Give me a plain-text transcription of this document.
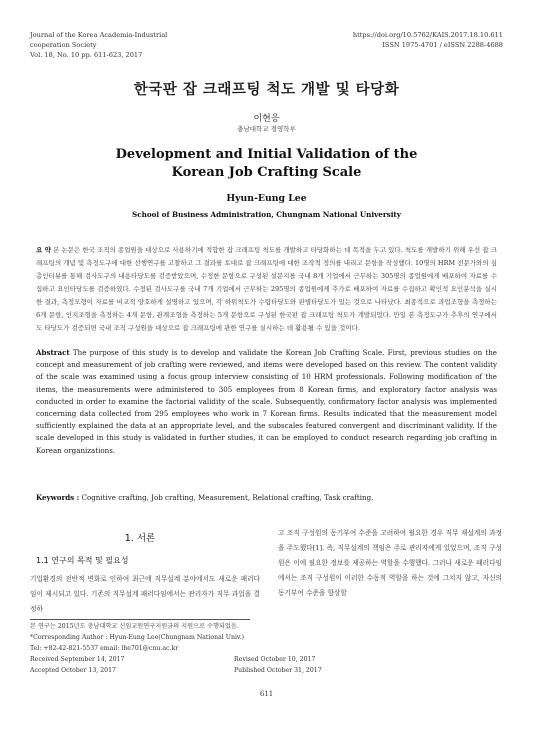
Journal of the Korea Academia-Industrial
cooperation Society
Vol. 18, No. 10 pp. 611-623, 2017
https://doi.org/10.5762/KAIS.2017.18.10.611
ISSN 1975-4701 / eISSN 2288-4688
한국판 잡 크래프팅 척도 개발 및 타당화
이현응
충남대학교 경영학부
Development and Initial Validation of the
Korean Job Crafting Scale
Hyun-Eung Lee
School of Business Administration, Chungnam National University
요 약 본 논문은 한국 조직의 종업원을 대상으로 사용하기에 적합한 잡 크래프팅 척도를 개발하고 타당화하는 데 목적을 두고 있다. 척도를 개발하기 위해 우선 잡 크래프팅의 개념 및 측정도구에 대한 선행연구를 고찰하고 그 결과를 토대로 잡 크래프팅에 대한 조작적 정의를 내리고 문항을 작성했다. 10명의 HRM 전문가와의 심층인터뷰를 통해 검사도구의 내용타당도를 검증받았으며, 수정한 문항으로 구성된 설문지를 국내 8개 기업에서 근무하는 305명의 종업원에게 배포하여 자료를 수집하고 요인타당도를 검증하였다. 수정된 검사도구를 국내 7개 기업에서 근무하는 295명의 종업원에게 추가로 배포하여 자료를 수집하고 확인적 요인분석을 실시한 결과, 측정모형이 자료를 비교적 양호하게 설명하고 있으며, 각 하위척도가 수렴타당도와 판별타당도가 있는 것으로 나타났다. 최종적으로 과업조형을 측정하는 6개 문항, 인지조형을 측정하는 4개 문항, 관계조형을 측정하는 5개 문항으로 구성된 한국판 잡 크래프팅 척도가 개발되었다. 만일 본 측정도구가 추후의 연구에서도 타당도가 검증되면 국내 조직 구성원을 대상으로 잡 크래프팅에 관한 연구를 실시하는 데 활용될 수 있을 것이다.
Abstract The purpose of this study is to develop and validate the Korean Job Crafting Scale. First, previous studies on the concept and measurement of job crafting were reviewed, and items were developed based on this review. The content validity of the scale was examined using a focus group interview consisting of 10 HRM professionals. Following modification of the items, the measurements were administered to 305 employees from 8 Korean firms, and exploratory factor analysis was conducted in order to examine the factorial validity of the scale. Subsequently, confirmatory factor analysis was implemented concerning data collected from 295 employees who work in 7 Korean firms. Results indicated that the measurement model sufficiently explained the data at an appropriate level, and the subscales featured convergent and discriminant validity. If the scale developed in this study is validated in further studies, it can be employed to conduct research regarding job crafting in Korean organizations.
Keywords : Cognitive crafting, Job crafting, Measurement, Relational crafting, Task crafting.
1. 서론
1.1 연구의 목적 및 필요성
기업환경의 전반적 변화로 인하여 최근에 직무설계 분야에서도 새로운 패러다임이 제시되고 있다. 기존의 직무설계 패러다임에서는 관리자가 직무 과업을 결정하
고 조직 구성원의 동기부여 수준을 고려하여 필요한 경우 직무 재설계의 과정을 주도했다[1]. 즉, 직무설계의 책임은 주로 관리자에게 있었으며, 조직 구성원은 이에 필요한 정보를 제공하는 역할을 수행했다. 그러나 새로운 패러다임에서는 조직 구성원이 이러한 수동적 역할을 하는 것에 그치지 않고, 자신의 동기부여 수준을 향상할
본 연구는 2015년도 충남대학교 신임교원연구지원금의 지원으로 수행되었음.
*Corresponding Author : Hyun-Eung Lee(Chungnam National Univ.)
Tel: +82-42-821-5537 email: lhe701@cnu.ac.kr
Received September 14, 2017	Revised October 10, 2017
Accepted October 13, 2017	Published October 31, 2017
611
